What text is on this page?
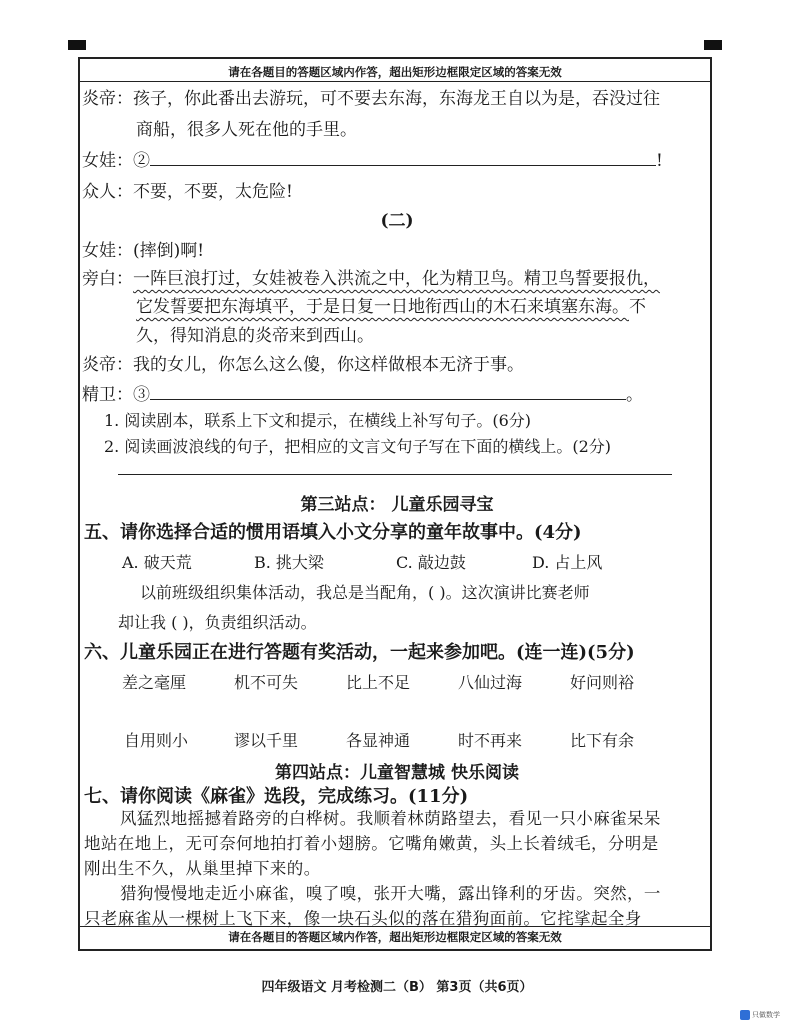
请在各题目的答题区域内作答，超出矩形边框限定区域的答案无效
请在各题目的答题区域内作答，超出矩形边框限定区域的答案无效
炎帝：孩子，你此番出去游玩，可不要去东海，东海龙王自以为是，吞没过往
商船，很多人死在他的手里。
女娃：②	!
众人：不要，不要，太危险!
(二)
女娃：(摔倒)啊!
旁白：一阵巨浪打过，女娃被卷入洪流之中，化为精卫鸟。精卫鸟誓要报仇，
它发誓要把东海填平，于是日复一日地衔西山的木石来填塞东海。不
久，得知消息的炎帝来到西山。
炎帝：我的女儿，你怎么这么傻，你这样做根本无济于事。
精卫：③	。
1. 阅读剧本，联系上下文和提示，在横线上补写句子。(6分)
2. 阅读画波浪线的句子，把相应的文言文句子写在下面的横线上。(2分)
第三站点： 儿童乐园寻宝
五、请你选择合适的惯用语填入小文分享的童年故事中。(4分)
A. 破天荒	B. 挑大梁	C. 敲边鼓	D. 占上风
以前班级组织集体活动，我总是当配角，( )。这次演讲比赛老师
却让我 ( )，负责组织活动。
六、儿童乐园正在进行答题有奖活动，一起来参加吧。(连一连)(5分)
差之毫厘	机不可失	比上不足	八仙过海	好问则裕
自用则小	谬以千里	各显神通	时不再来	比下有余
第四站点：儿童智慧城 快乐阅读
七、请你阅读《麻雀》选段，完成练习。(11分)
风猛烈地摇撼着路旁的白桦树。我顺着林荫路望去，看见一只小麻雀呆呆地站在地上，无可奈何地拍打着小翅膀。它嘴角嫩黄，头上长着绒毛，分明是刚出生不久，从巢里掉下来的。
猎狗慢慢地走近小麻雀，嗅了嗅，张开大嘴，露出锋利的牙齿。突然，一只老麻雀从一棵树上飞下来，像一块石头似的落在猎狗面前。它挓挲起全身
四年级语文 月考检测二（B） 第3页（共6页）
只做数学
